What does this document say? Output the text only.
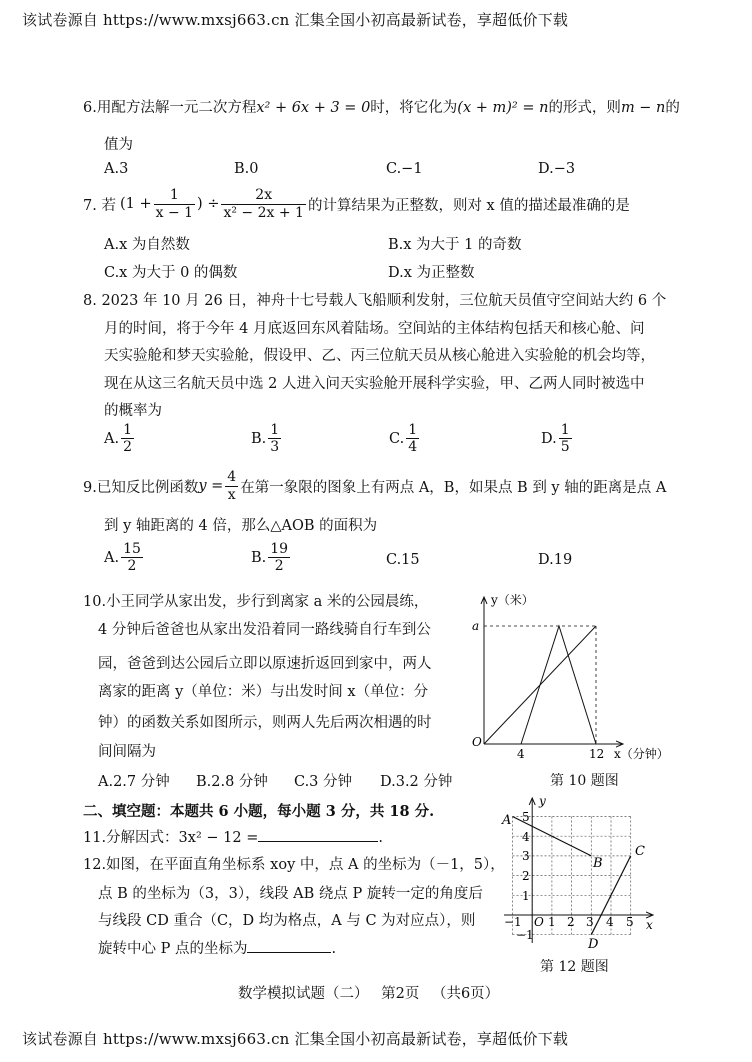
该试卷源自 https://www.mxsj663.cn 汇集全国小初高最新试卷，享超低价下载
6.用配方法解一元二次方程x² + 6x + 3 = 0时，将它化为(x + m)² = n的形式，则m − n的
值为
A.3	B.0	C.−1	D.−3
7. 若 ($1 + \frac{1}{x - 1}$ ) ÷ $\frac{2x}{\text{x² − 2x + 1}}$ 的计算结果为正整数，则对 x 值的描述最准确的是
A.x 为自然数	B.x 为大于 1 的奇数
C.x 为大于 0 的偶数	D.x 为正整数
8. 2023 年 10 月 26 日，神舟十七号载人飞船顺利发射，三位航天员值守空间站大约 6 个
月的时间，将于今年 4 月底返回东风着陆场。空间站的主体结构包括天和核心舱、问
天实验舱和梦天实验舱，假设甲、乙、丙三位航天员从核心舱进入实验舱的机会均等，
现在从这三名航天员中选 2 人进入问天实验舱开展科学实验，甲、乙两人同时被选中
的概率为
A. $\frac{1}{2}$	B. $\frac{1}{3}$	C. $\frac{1}{4}$	D. $\frac{1}{5}$
9.已知反比例函数 $y = \frac{4}{x}$ 在第一象限的图象上有两点 A，B，如果点 B 到 y 轴的距离是点 A
到 y 轴距离的 4 倍，那么△AOB 的面积为
A. $\frac{15}{2}$	B. $\frac{19}{2}$	C.15	D.19
10.小王同学从家出发，步行到离家 a 米的公园晨练，
4 分钟后爸爸也从家出发沿着同一路线骑自行车到公
园，爸爸到达公园后立即以原速折返回到家中，两人
离家的距离 y（单位：米）与出发时间 x（单位：分
钟）的函数关系如图所示，则两人先后两次相遇的时
间间隔为
A.2.7 分钟 B.2.8 分钟 C.3 分钟 D.3.2 分钟
y（米）
a
O
4	12 x（分钟）
第 10 题图
二、填空题：本题共 6 小题，每小题 3 分，共 18 分.
11.分解因式：3x² − 12 =	.
12.如图，在平面直角坐标系 xoy 中，点 A 的坐标为（－1，5），
点 B 的坐标为（3，3），线段 AB 绕点 P 旋转一定的角度后
与线段 CD 重合（C，D 均为格点，A 与 C 为对应点），则
旋转中心 P 点的坐标为	.
A
B
C
D
y
x
O
−1 1 2 3 4 5
5
4
3
2
1
−1
第 12 题图
数学模拟试题（二） 第2页 （共6页）
该试卷源自 https://www.mxsj663.cn 汇集全国小初高最新试卷，享超低价下载
